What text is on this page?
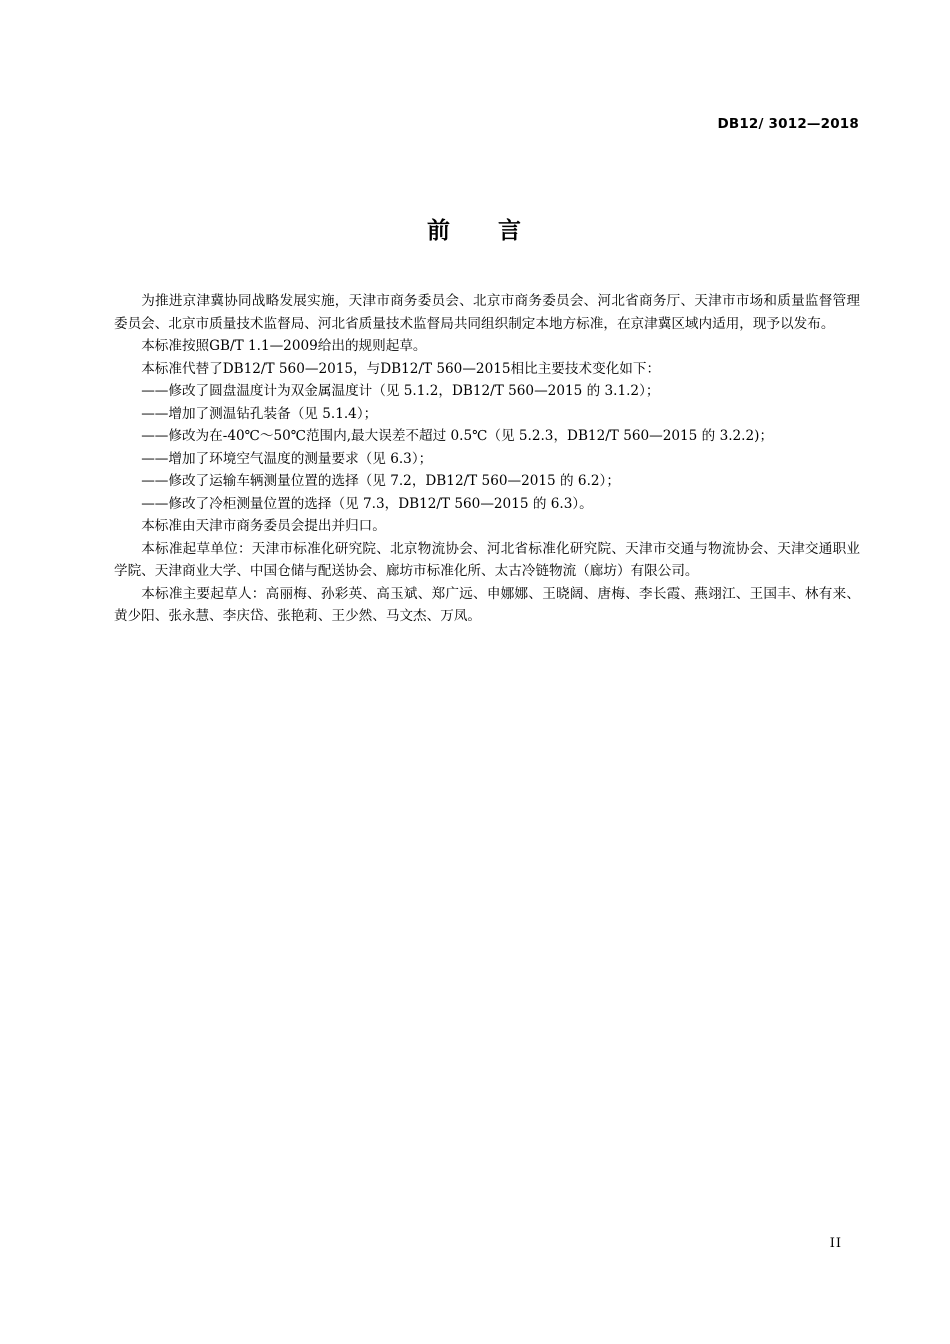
DB12/ 3012—2018
前 言

为推进京津冀协同战略发展实施，天津市商务委员会、北京市商务委员会、河北省商务厅、天津市市场和质量监督管理委员会、北京市质量技术监督局、河北省质量技术监督局共同组织制定本地方标准，在京津冀区域内适用，现予以发布。

本标准按照GB/T 1.1—2009给出的规则起草。

本标准代替了DB12/T 560—2015，与DB12/T 560—2015相比主要技术变化如下：

——修改了圆盘温度计为双金属温度计（见 5.1.2，DB12/T 560—2015 的 3.1.2）；

——增加了测温钻孔装备（见 5.1.4）；

——修改为在-40℃～50℃范围内,最大误差不超过 0.5℃（见 5.2.3，DB12/T 560—2015 的 3.2.2)；

——增加了环境空气温度的测量要求（见 6.3）；

——修改了运输车辆测量位置的选择（见 7.2，DB12/T 560—2015 的 6.2）；

——修改了冷柜测量位置的选择（见 7.3，DB12/T 560—2015 的 6.3）。

本标准由天津市商务委员会提出并归口。

本标准起草单位：天津市标准化研究院、北京物流协会、河北省标准化研究院、天津市交通与物流协会、天津交通职业学院、天津商业大学、中国仓储与配送协会、廊坊市标准化所、太古冷链物流（廊坊）有限公司。

本标准主要起草人：高丽梅、孙彩英、高玉斌、郑广远、申娜娜、王晓阔、唐梅、李长霞、燕翊江、王国丰、林有来、黄少阳、张永慧、李庆岱、张艳莉、王少然、马文杰、万凤。

II
